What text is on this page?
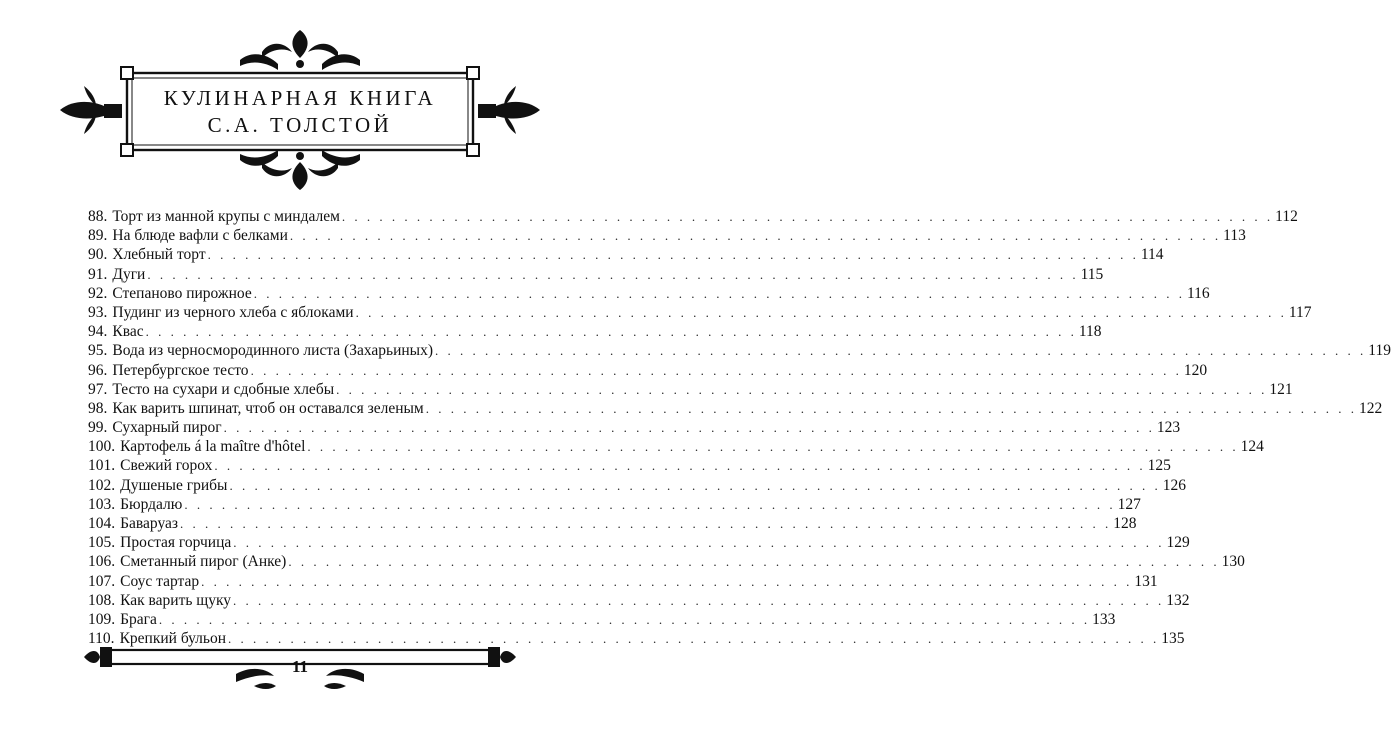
КУЛИНАРНАЯ КНИГА
С.А. ТОЛСТОЙ
88. Торт из манной крупы с миндалем . . .	112
89. На блюде вафли с белками . . .	113
90. Хлебный торт . . .	114
91. Дуги . . .	115
92. Степаново пирожное . . .	116
93. Пудинг из черного хлеба с яблоками . . .	117
94. Квас . . .	118
95. Вода из черносмородинного листа (Захарьиных) . . .	119
96. Петербургское тесто . . .	120
97. Тесто на сухари и сдобные хлебы . . .	121
98. Как варить шпинат, чтоб он оставался зеленым . . .	122
99. Сухарный пирог . . .	123
100. Картофель á la maître d'hôtel . . .	124
101. Свежий горох . . .	125
102. Душеные грибы . . .	126
103. Бюрдалю . . .	127
104. Баваруаз . . .	128
105. Простая горчица . . .	129
106. Сметанный пирог (Анке) . . .	130
107. Соус тартар . . .	131
108. Как варить щуку . . .	132
109. Брага . . .	133
110. Крепкий бульон . . .	135
11
